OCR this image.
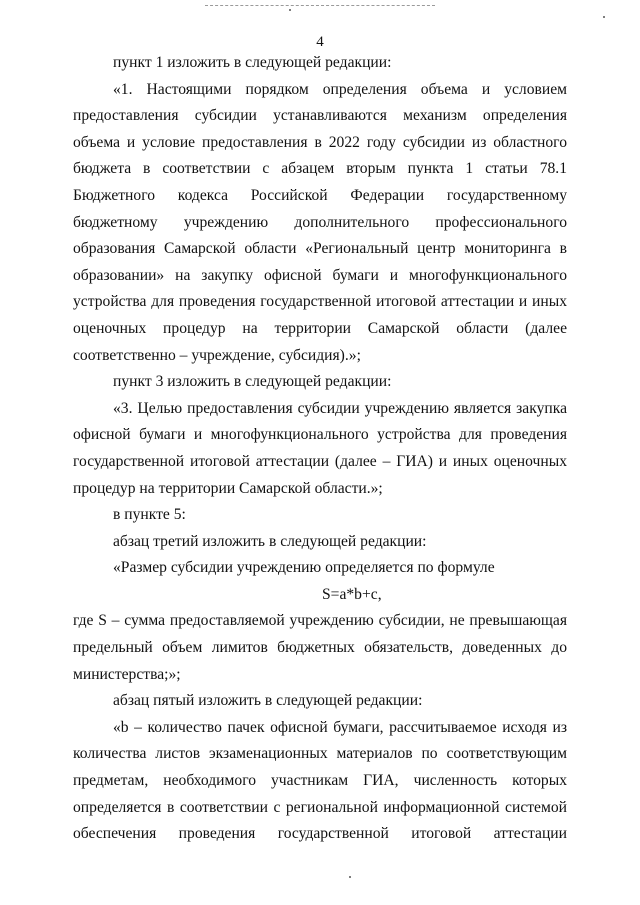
4

пункт 1 изложить в следующей редакции:

«1. Настоящими порядком определения объема и условием предоставления субсидии устанавливаются механизм определения объема и условие предоставления в 2022 году субсидии из областного бюджета в соответствии с абзацем вторым пункта 1 статьи 78.1 Бюджетного кодекса Российской Федерации государственному бюджетному учреждению дополнительного профессионального образования Самарской области «Региональный центр мониторинга в образовании» на закупку офисной бумаги и многофункционального устройства для проведения государственной итоговой аттестации и иных оценочных процедур на территории Самарской области (далее соответственно – учреждение, субсидия).»;

пункт 3 изложить в следующей редакции:

«3. Целью предоставления субсидии учреждению является закупка офисной бумаги и многофункционального устройства для проведения государственной итоговой аттестации (далее – ГИА) и иных оценочных процедур на территории Самарской области.»;

в пункте 5:

абзац третий изложить в следующей редакции:

«Размер субсидии учреждению определяется по формуле

S=a*b+c,

где S – сумма предоставляемой учреждению субсидии, не превышающая предельный объем лимитов бюджетных обязательств, доведенных до министерства;»;

абзац пятый изложить в следующей редакции:

«b – количество пачек офисной бумаги, рассчитываемое исходя из количества листов экзаменационных материалов по соответствующим предметам, необходимого участникам ГИА, численность которых определяется в соответствии с региональной информационной системой обеспечения проведения государственной итоговой аттестации
